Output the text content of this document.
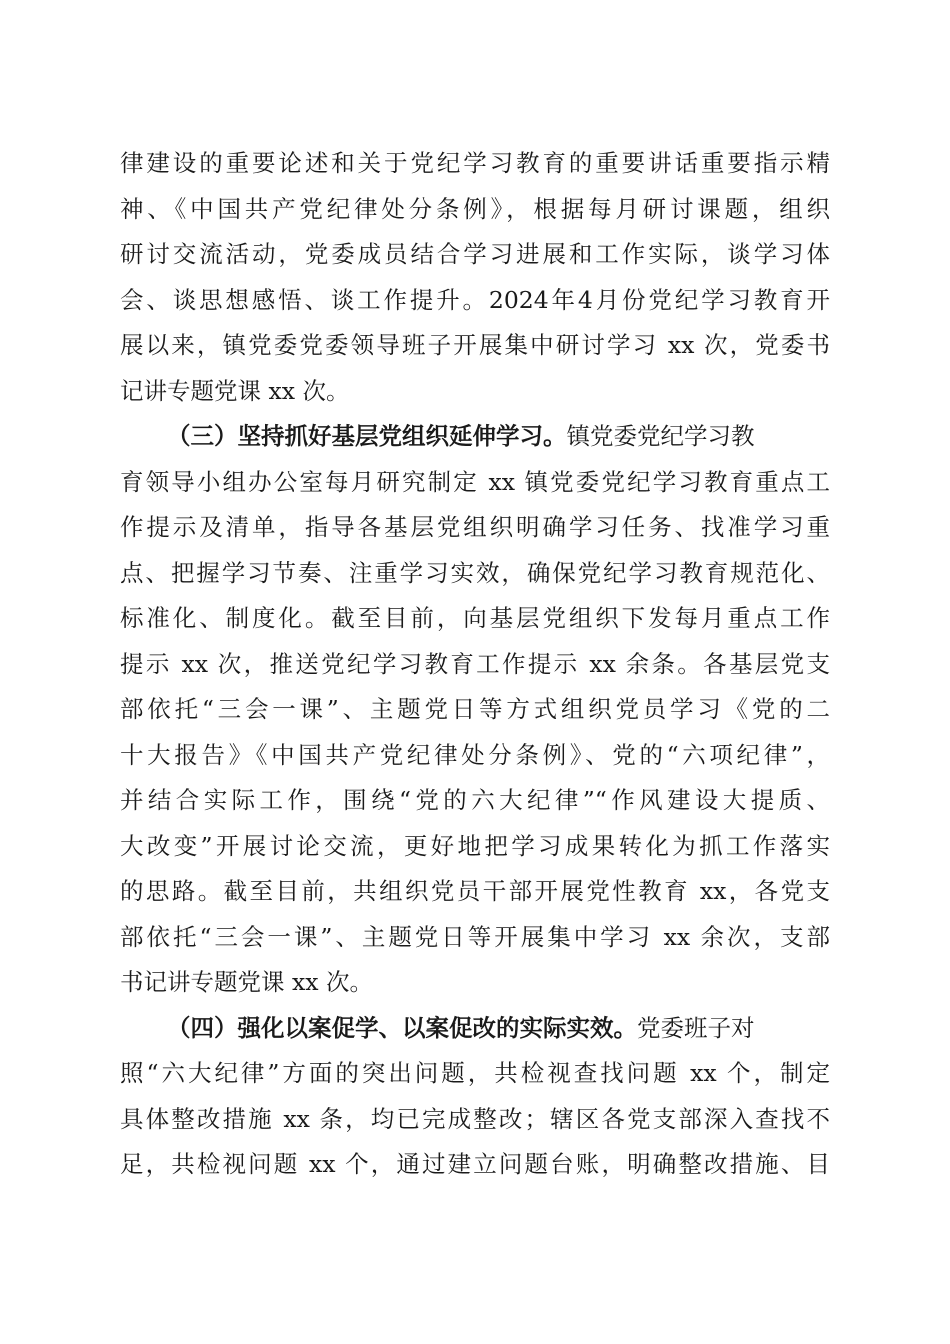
律建设的重要论述和关于党纪学习教育的重要讲话重要指示精
神、《中国共产党纪律处分条例》，根据每月研讨课题，组织
研讨交流活动，党委成员结合学习进展和工作实际，谈学习体
会、谈思想感悟、谈工作提升。2024年4月份党纪学习教育开
展以来，镇党委党委领导班子开展集中研讨学习 xx 次，党委书
记讲专题党课 xx 次。
（三）坚持抓好基层党组织延伸学习。镇党委党纪学习教
育领导小组办公室每月研究制定 xx 镇党委党纪学习教育重点工
作提示及清单，指导各基层党组织明确学习任务、找准学习重
点、把握学习节奏、注重学习实效，确保党纪学习教育规范化、
标准化、制度化。截至目前，向基层党组织下发每月重点工作
提示 xx 次，推送党纪学习教育工作提示 xx 余条。各基层党支
部依托“三会一课”、主题党日等方式组织党员学习《党的二
十大报告》《中国共产党纪律处分条例》、党的“六项纪律”，
并结合实际工作，围绕“党的六大纪律”“作风建设大提质、
大改变”开展讨论交流，更好地把学习成果转化为抓工作落实
的思路。截至目前，共组织党员干部开展党性教育 xx，各党支
部依托“三会一课”、主题党日等开展集中学习 xx 余次，支部
书记讲专题党课 xx 次。
（四）强化以案促学、以案促改的实际实效。党委班子对
照“六大纪律”方面的突出问题，共检视查找问题 xx 个，制定
具体整改措施 xx 条，均已完成整改；辖区各党支部深入查找不
足，共检视问题 xx 个，通过建立问题台账，明确整改措施、目
